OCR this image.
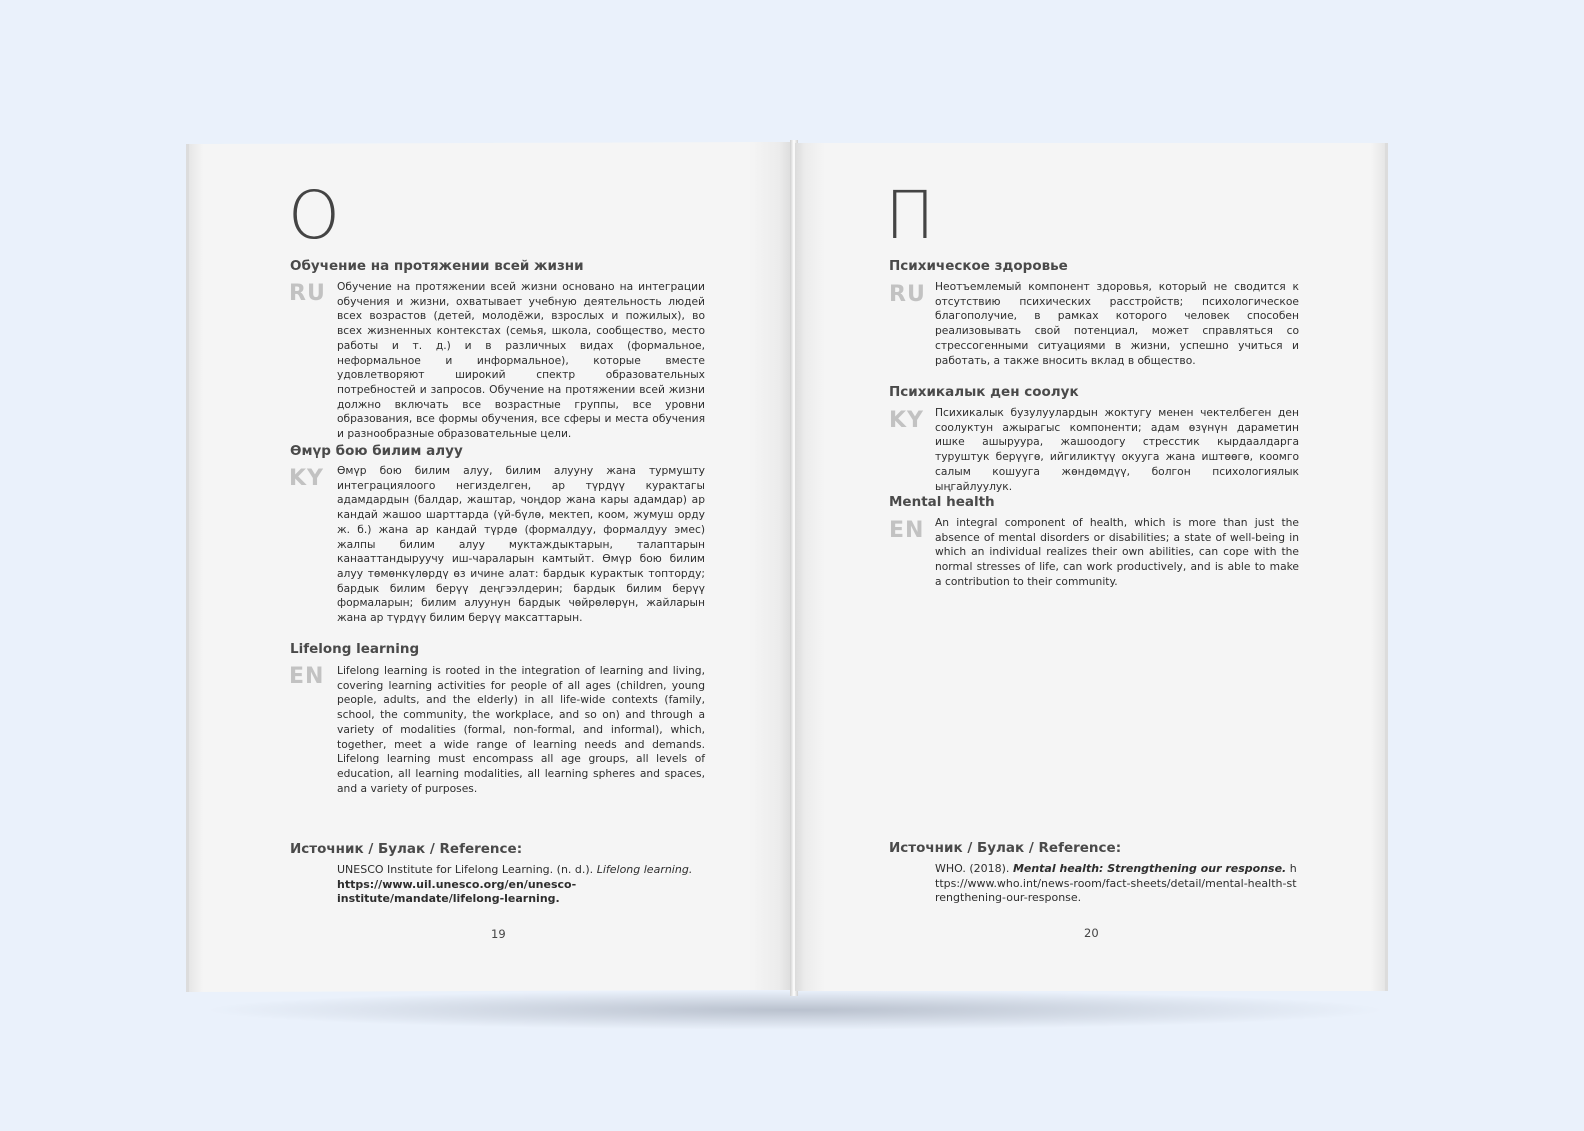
О
Обучение на протяжении всей жизни
RU Обучение на протяжении всей жизни основано на интеграции обучения и жизни, охватывает учебную деятельность людей всех возрастов (детей, молодёжи, взрослых и пожилых), во всех жизненных контекстах (семья, школа, сообщество, место работы и т. д.) и в различных видах (формальное, неформальное и информальное), которые вместе удовлетворяют широкий спектр образовательных потребностей и запросов. Обучение на протяжении всей жизни должно включать все возрастные группы, все уровни образования, все формы обучения, все сферы и места обучения и разнообразные образовательные цели.
Өмүр бою билим алуу
KY Өмүр бою билим алуу, билим алууну жана турмушту интеграциялоого негизделген, ар түрдүү курактагы адамдардын (балдар, жаштар, чоңдор жана кары адамдар) ар кандай жашоо шарттарда (үй-бүлө, мектеп, коом, жумуш орду ж. б.) жана ар кандай түрдө (формалдуу, формалдуу эмес) жалпы билим алуу муктаждыктарын, талаптарын канааттандыруучу иш-чараларын камтыйт. Өмүр бою билим алуу төмөнкүлөрдү өз ичине алат: бардык курактык топторду; бардык билим берүү деңгээлдерин; бардык билим берүү формаларын; билим алуунун бардык чөйрөлөрүн, жайларын жана ар түрдүү билим берүү максаттарын.
Lifelong learning
EN Lifelong learning is rooted in the integration of learning and living, covering learning activities for people of all ages (children, young people, adults, and the elderly) in all life-wide contexts (family, school, the community, the workplace, and so on) and through a variety of modalities (formal, non-formal, and informal), which, together, meet a wide range of learning needs and demands. Lifelong learning must encompass all age groups, all levels of education, all learning modalities, all learning spheres and spaces, and a variety of purposes.
Источник / Булак / Reference:
UNESCO Institute for Lifelong Learning. (n. d.). Lifelong learning.
https://www.uil.unesco.org/en/unesco-institute/mandate/lifelong-learning.
19
П
Психическое здоровье
RU Неотъемлемый компонент здоровья, который не сводится к отсутствию психических расстройств; психологическое благополучие, в рамках которого человек способен реализовывать свой потенциал, может справляться со стрессогенными ситуациями в жизни, успешно учиться и работать, а также вносить вклад в общество.
Психикалык ден соолук
KY Психикалык бузулуулардын жоктугу менен чектелбеген ден соолуктун ажырагыс компоненти; адам өзүнүн дараметин ишке ашыруура, жашоодогу стресстик кырдаалдарга туруштук берүүгө, ийгиликтүү окууга жана иштөөгө, коомго салым кошууга жөндөмдүү, болгон психологиялык ыңгайлуулук.
Mental health
EN An integral component of health, which is more than just the absence of mental disorders or disabilities; a state of well-being in which an individual realizes their own abilities, can cope with the normal stresses of life, can work productively, and is able to make a contribution to their community.
Источник / Булак / Reference:
WHO. (2018). Mental health: Strengthening our response. https://www.who.int/news-room/fact-sheets/detail/mental-health-strengthening-our-response.
20
